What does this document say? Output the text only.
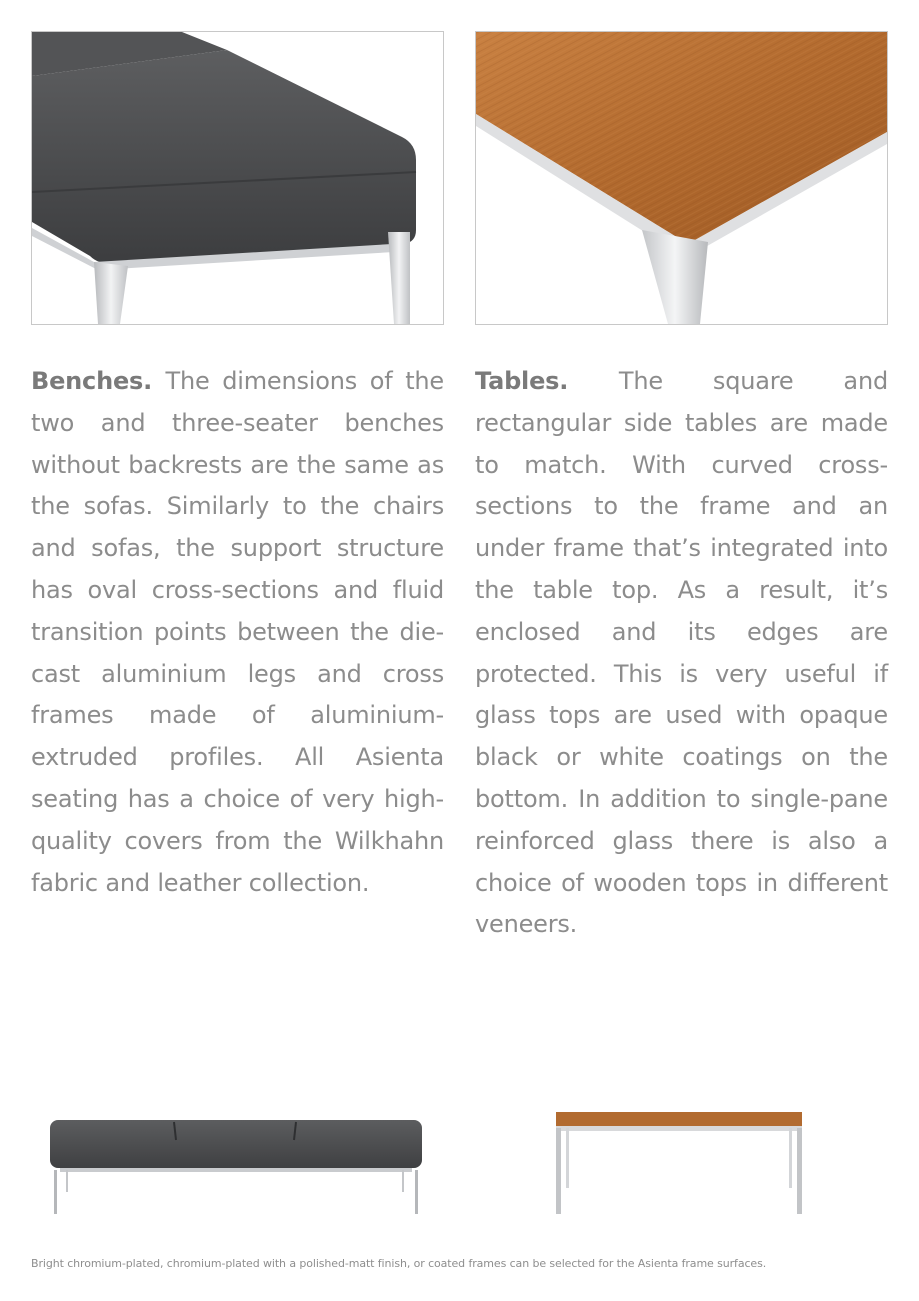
Benches. The dimensions of the two and three-seater benches without backrests are the same as the sofas. Similarly to the chairs and sofas, the support structure has oval cross-sections and fluid transition points between the die-cast aluminium legs and cross frames made of aluminium-extruded profiles. All Asienta seating has a choice of very high-quality covers from the Wilkhahn fabric and leather collection.
Tables. The square and rectangular side tables are made to match. With curved cross-sections to the frame and an under frame that’s integrated into the table top. As a result, it’s enclosed and its edges are protected. This is very useful if glass tops are used with opaque black or white coatings on the bottom. In addition to single-pane reinforced glass there is also a choice of wooden tops in different veneers.
Bright chromium-plated, chromium-plated with a polished-matt finish, or coated frames can be selected for the Asienta frame surfaces.
